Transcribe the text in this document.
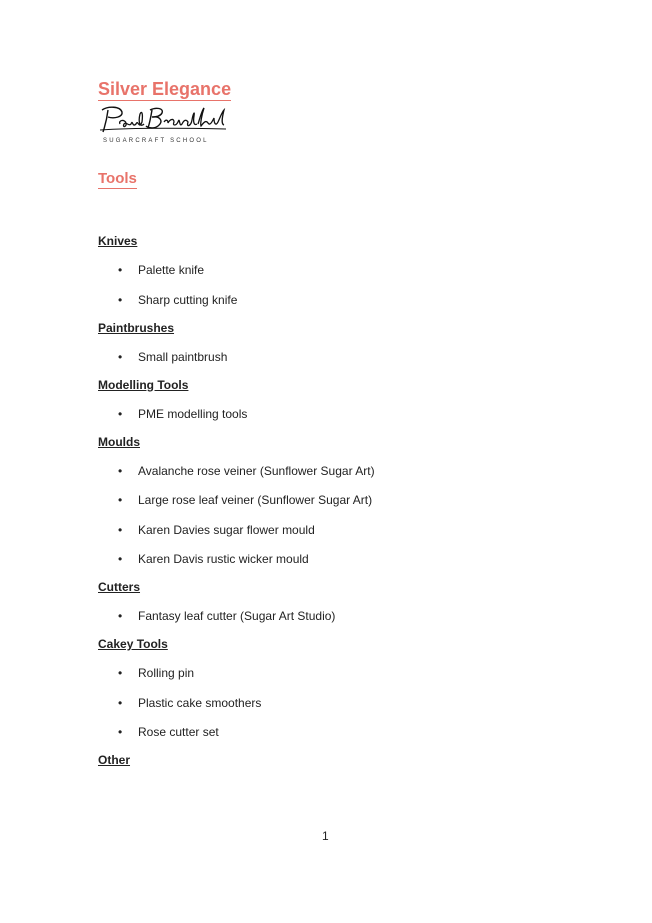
Silver Elegance
SUGARCRAFT SCHOOL
Tools
Knives
• Palette knife
• Sharp cutting knife
Paintbrushes
• Small paintbrush
Modelling Tools
• PME modelling tools
Moulds
• Avalanche rose veiner (Sunflower Sugar Art)
• Large rose leaf veiner (Sunflower Sugar Art)
• Karen Davies sugar flower mould
• Karen Davis rustic wicker mould
Cutters
• Fantasy leaf cutter (Sugar Art Studio)
Cakey Tools
• Rolling pin
• Plastic cake smoothers
• Rose cutter set
Other
1
